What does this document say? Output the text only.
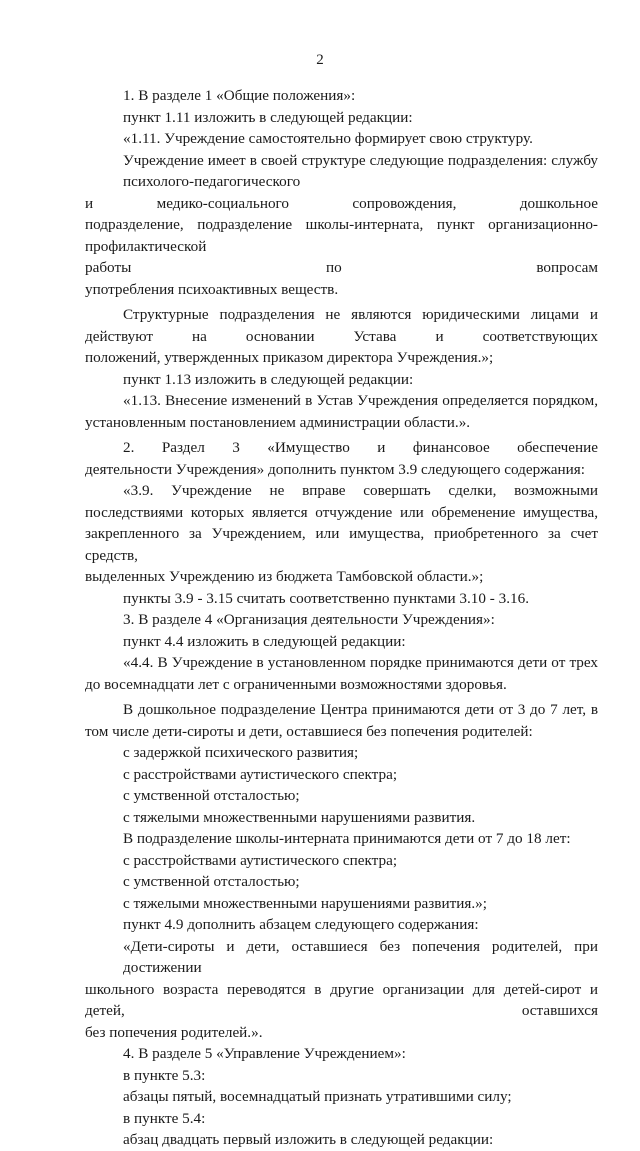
2
1. В разделе 1 «Общие положения»:
пункт 1.11 изложить в следующей редакции:
«1.11. Учреждение самостоятельно формирует свою структуру.
Учреждение имеет в своей структуре следующие подразделения: службу психолого-педагогического
и медико-социального сопровождения, дошкольное
подразделение, подразделение школы-интерната, пункт организационно-профилактической
работы по вопросам
употребления психоактивных веществ.
Структурные подразделения не являются юридическими лицами и
действуют на основании Устава и соответствующих
положений, утвержденных приказом директора Учреждения.»;
пункт 1.13 изложить в следующей редакции:
«1.13. Внесение изменений в Устав Учреждения определяется порядком,
установленным постановлением администрации области.».
2. Раздел 3 «Имущество и финансовое обеспечение
деятельности Учреждения» дополнить пунктом 3.9 следующего содержания:
«3.9. Учреждение не вправе совершать сделки, возможными
последствиями которых является отчуждение или обременение имущества,
закрепленного за Учреждением, или имущества, приобретенного за счет средств,
выделенных Учреждению из бюджета Тамбовской области.»;
пункты 3.9 - 3.15 считать соответственно пунктами 3.10 - 3.16.
3. В разделе 4 «Организация деятельности Учреждения»:
пункт 4.4 изложить в следующей редакции:
«4.4. В Учреждение в установленном порядке принимаются дети от трех
до восемнадцати лет с ограниченными возможностями здоровья.
В дошкольное подразделение Центра принимаются дети от 3 до 7 лет, в
том числе дети-сироты и дети, оставшиеся без попечения родителей:
с задержкой психического развития;
с расстройствами аутистического спектра;
с умственной отсталостью;
с тяжелыми множественными нарушениями развития.
В подразделение школы-интерната принимаются дети от 7 до 18 лет:
с расстройствами аутистического спектра;
с умственной отсталостью;
с тяжелыми множественными нарушениями развития.»;
пункт 4.9 дополнить абзацем следующего содержания:
«Дети-сироты и дети, оставшиеся без попечения родителей, при достижении
школьного возраста переводятся в другие организации для детей-сирот и детей, оставшихся
без попечения родителей.».
4. В разделе 5 «Управление Учреждением»:
в пункте 5.3:
абзацы пятый, восемнадцатый признать утратившими силу;
в пункте 5.4:
абзац двадцать первый изложить в следующей редакции:
